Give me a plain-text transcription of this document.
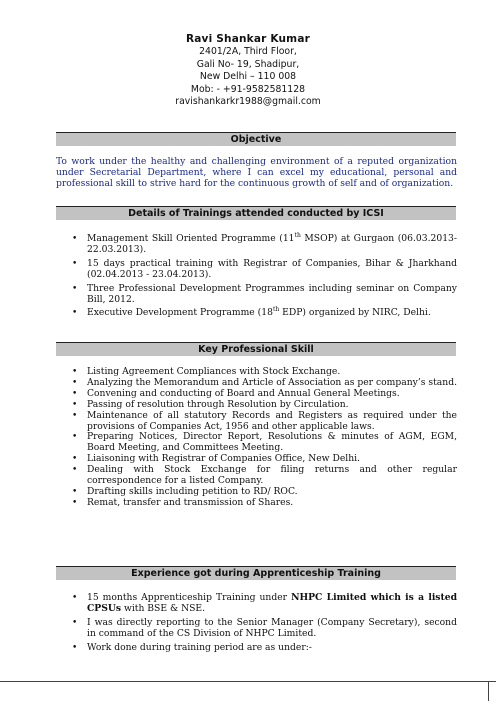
Ravi Shankar Kumar
2401/2A, Third Floor,
Gali No- 19, Shadipur,
New Delhi – 110 008
Mob: - +91-9582581128
ravishankarkr1988@gmail.com
Objective
To work under the healthy and challenging environment of a reputed organization under Secretarial Department, where I can excel my educational, personal and professional skill to strive hard for the continuous growth of self and of organization.
Details of Trainings attended conducted by ICSI
• Management Skill Oriented Programme (11th MSOP) at Gurgaon (06.03.2013-22.03.2013).
• 15 days practical training with Registrar of Companies, Bihar & Jharkhand (02.04.2013 - 23.04.2013).
• Three Professional Development Programmes including seminar on Company Bill, 2012.
• Executive Development Programme (18th EDP) organized by NIRC, Delhi.
Key Professional Skill
• Listing Agreement Compliances with Stock Exchange.
• Analyzing the Memorandum and Article of Association as per company’s stand.
• Convening and conducting of Board and Annual General Meetings.
• Passing of resolution through Resolution by Circulation.
• Maintenance of all statutory Records and Registers as required under the provisions of Companies Act, 1956 and other applicable laws.
• Preparing Notices, Director Report, Resolutions & minutes of AGM, EGM, Board Meeting, and Committees Meeting.
• Liaisoning with Registrar of Companies Office, New Delhi.
• Dealing with Stock Exchange for filing returns and other regular correspondence for a listed Company.
• Drafting skills including petition to RD/ ROC.
• Remat, transfer and transmission of Shares.
Experience got during Apprenticeship Training
• 15 months Apprenticeship Training under NHPC Limited which is a listed CPSUs with BSE & NSE.
• I was directly reporting to the Senior Manager (Company Secretary), second in command of the CS Division of NHPC Limited.
• Work done during training period are as under:-
